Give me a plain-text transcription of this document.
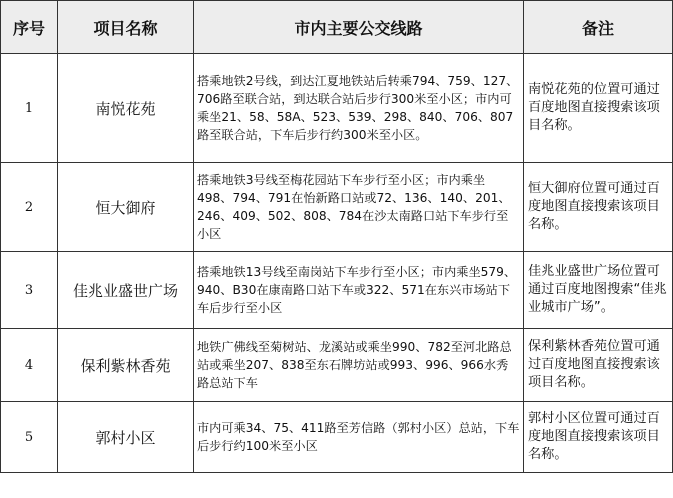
序号	项目名称	市内主要公交线路	备注
1	南悦花苑	搭乘地铁2号线，到达江夏地铁站后转乘794、759、127、706路至联合站，到达联合站后步行300米至小区；市内可乘坐21、58、58A、523、539、298、840、706、807路至联合站，下车后步行约300米至小区。	南悦花苑的位置可通过百度地图直接搜索该项目名称。
2	恒大御府	搭乘地铁3号线至梅花园站下车步行至小区；市内乘坐498、794、791在怡新路口站或72、136、140、201、246、409、502、808、784在沙太南路口站下车步行至小区	恒大御府位置可通过百度地图直接搜索该项目名称。
3	佳兆业盛世广场	搭乘地铁13号线至南岗站下车步行至小区；市内乘坐579、940、B30在康南路口站下车或322、571在东兴市场站下车后步行至小区	佳兆业盛世广场位置可通过百度地图搜索“佳兆业城市广场”。
4	保利紫林香苑	地铁广佛线至菊树站、龙溪站或乘坐990、782至河北路总站或乘坐207、838至东石牌坊站或993、996、966水秀路总站下车	保利紫林香苑位置可通过百度地图直接搜索该项目名称。
5	郭村小区	市内可乘34、75、411路至芳信路（郭村小区）总站，下车后步行约100米至小区	郭村小区位置可通过百度地图直接搜索该项目名称。
